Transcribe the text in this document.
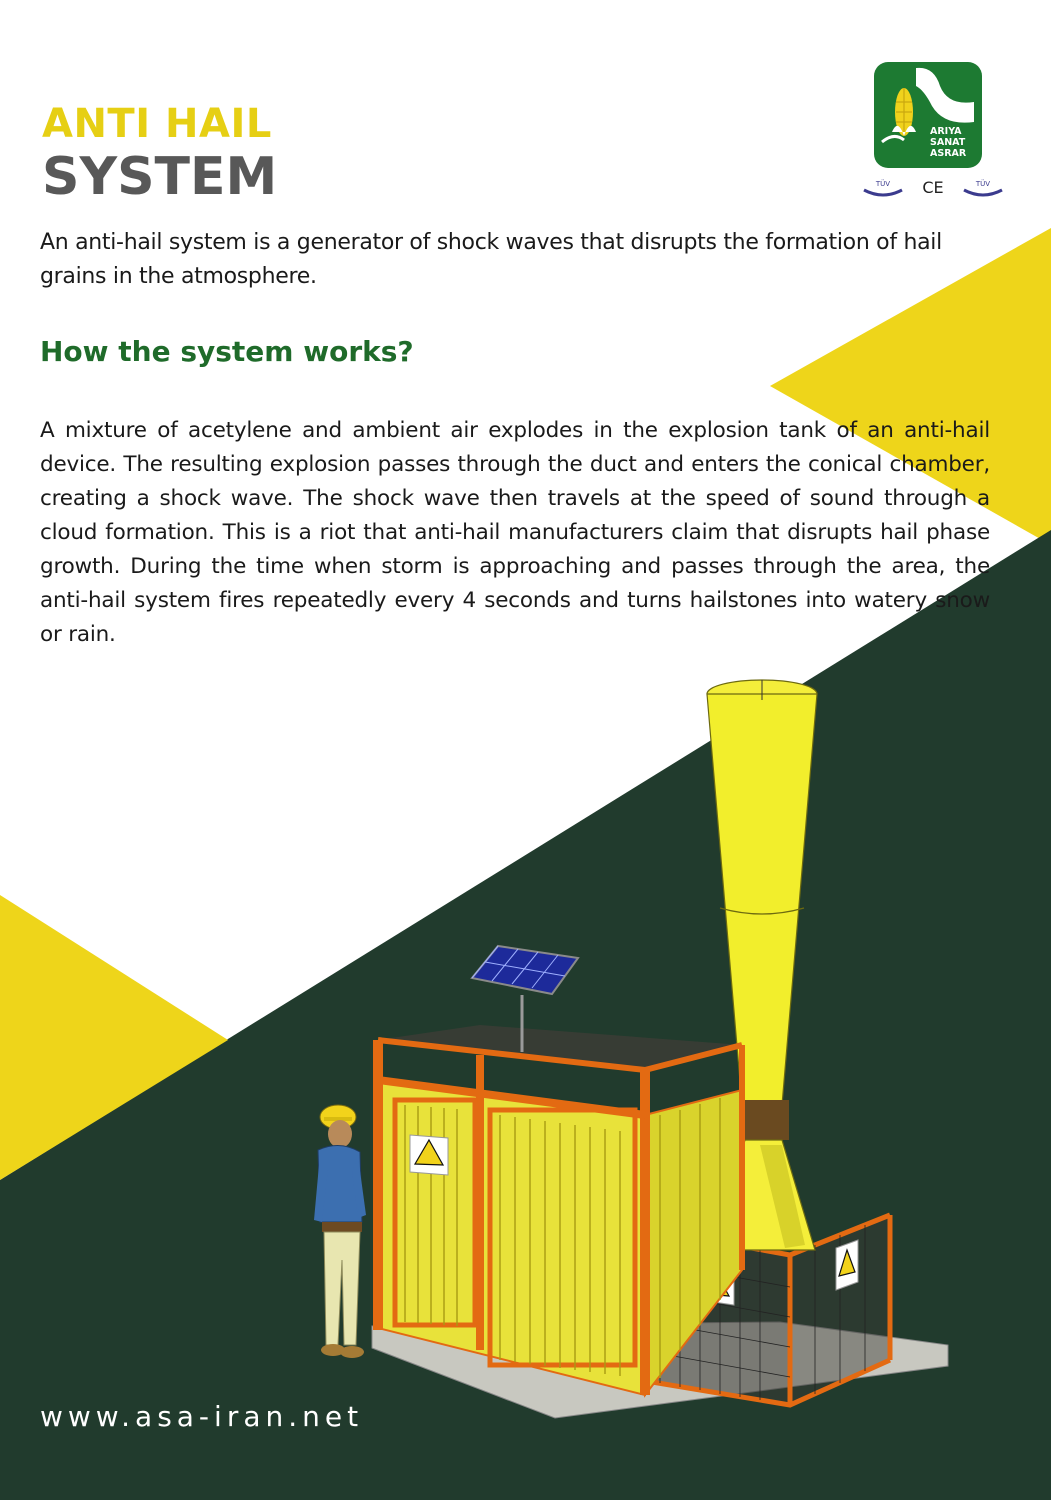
ANTI HAIL
SYSTEM
ARIYA
SANAT
ASRAR
TÜV CE	TÜV

An anti-hail system is a generator of shock waves that disrupts the formation of hail grains in the atmosphere.

How the system works?

A mixture of acetylene and ambient air explodes in the explosion tank of an anti-hail device. The resulting explosion passes through the duct and enters the conical chamber, creating a shock wave. The shock wave then travels at the speed of sound through a cloud formation. This is a riot that anti-hail manufacturers claim that disrupts hail phase growth. During the time when storm is approaching and passes through the area, the anti-hail system fires repeatedly every 4 seconds and turns hailstones into watery snow or rain.

www.asa-iran.net
